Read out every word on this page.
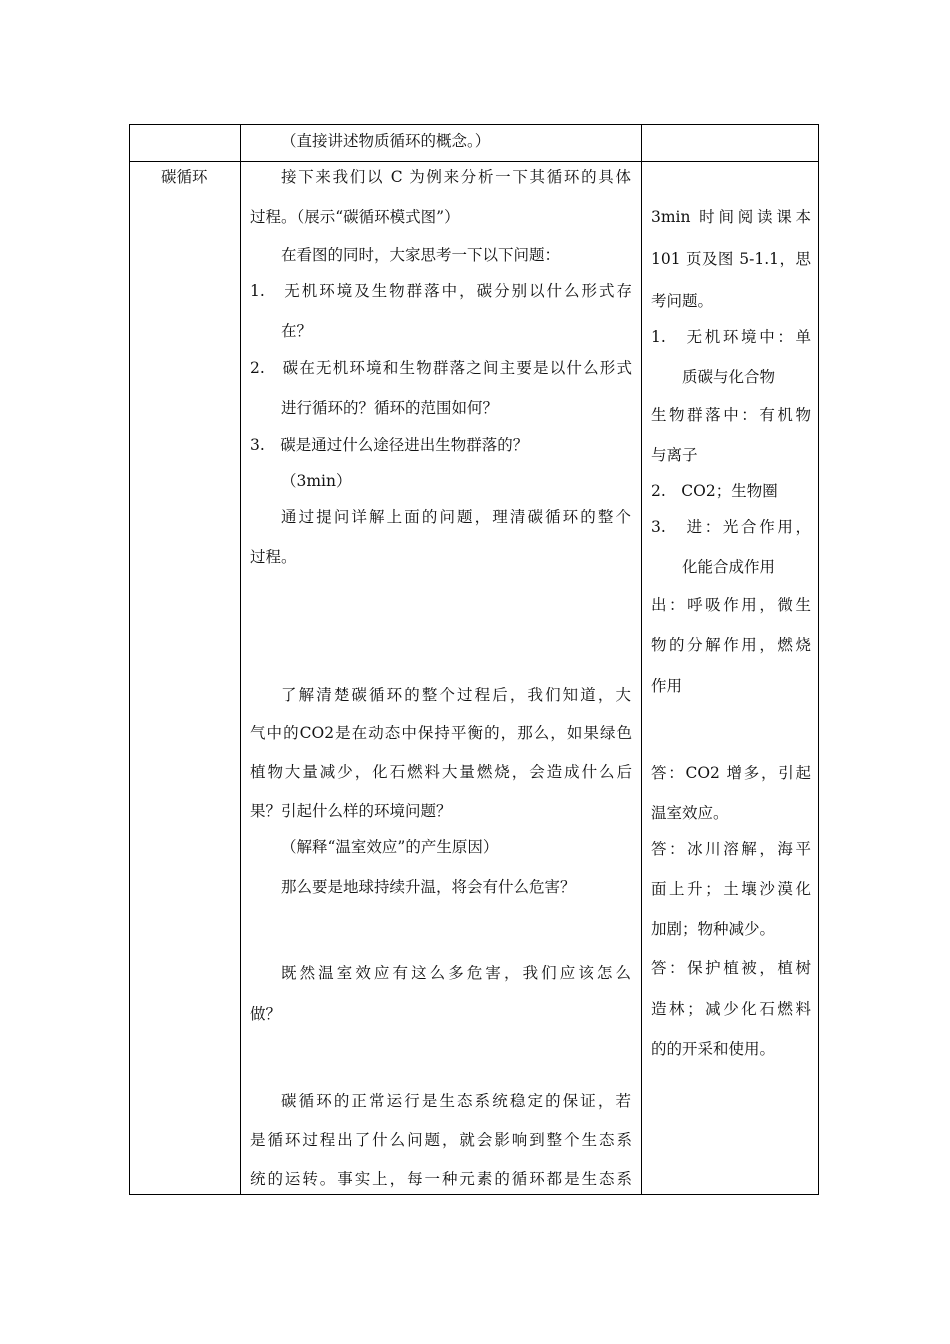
（直接讲述物质循环的概念。）
碳循环	接下来我们以 C 为例来分析一下其循环的具体
过程。（展示“碳循环模式图”）
在看图的同时，大家思考一下以下问题：
1.　无机环境及生物群落中，碳分别以什么形式存
在？
2.　碳在无机环境和生物群落之间主要是以什么形式
进行循环的？循环的范围如何？
3.　碳是通过什么途径进出生物群落的？
（3min）
通过提问详解上面的问题，理清碳循环的整个
过程。
了解清楚碳循环的整个过程后，我们知道，大
气中的CO2是在动态中保持平衡的，那么，如果绿色
植物大量减少，化石燃料大量燃烧，会造成什么后
果？引起什么样的环境问题？
（解释“温室效应”的产生原因）
那么要是地球持续升温，将会有什么危害？
既然温室效应有这么多危害，我们应该怎么
做？
碳循环的正常运行是生态系统稳定的保证，若
是循环过程出了什么问题，就会影响到整个生态系
统的运转。事实上，每一种元素的循环都是生态系
3min 时间阅读课本
101 页及图 5-1.1，思
考问题。
1.　无机环境中：单
质碳与化合物
生物群落中：有机物
与离子
2.　CO2；生物圈
3.　进：光合作用，
化能合成作用
出：呼吸作用，微生
物的分解作用，燃烧
作用
答：CO2 增多，引起
温室效应。
答：冰川溶解，海平
面上升；土壤沙漠化
加剧；物种减少。
答：保护植被，植树
造林；减少化石燃料
的的开采和使用。
